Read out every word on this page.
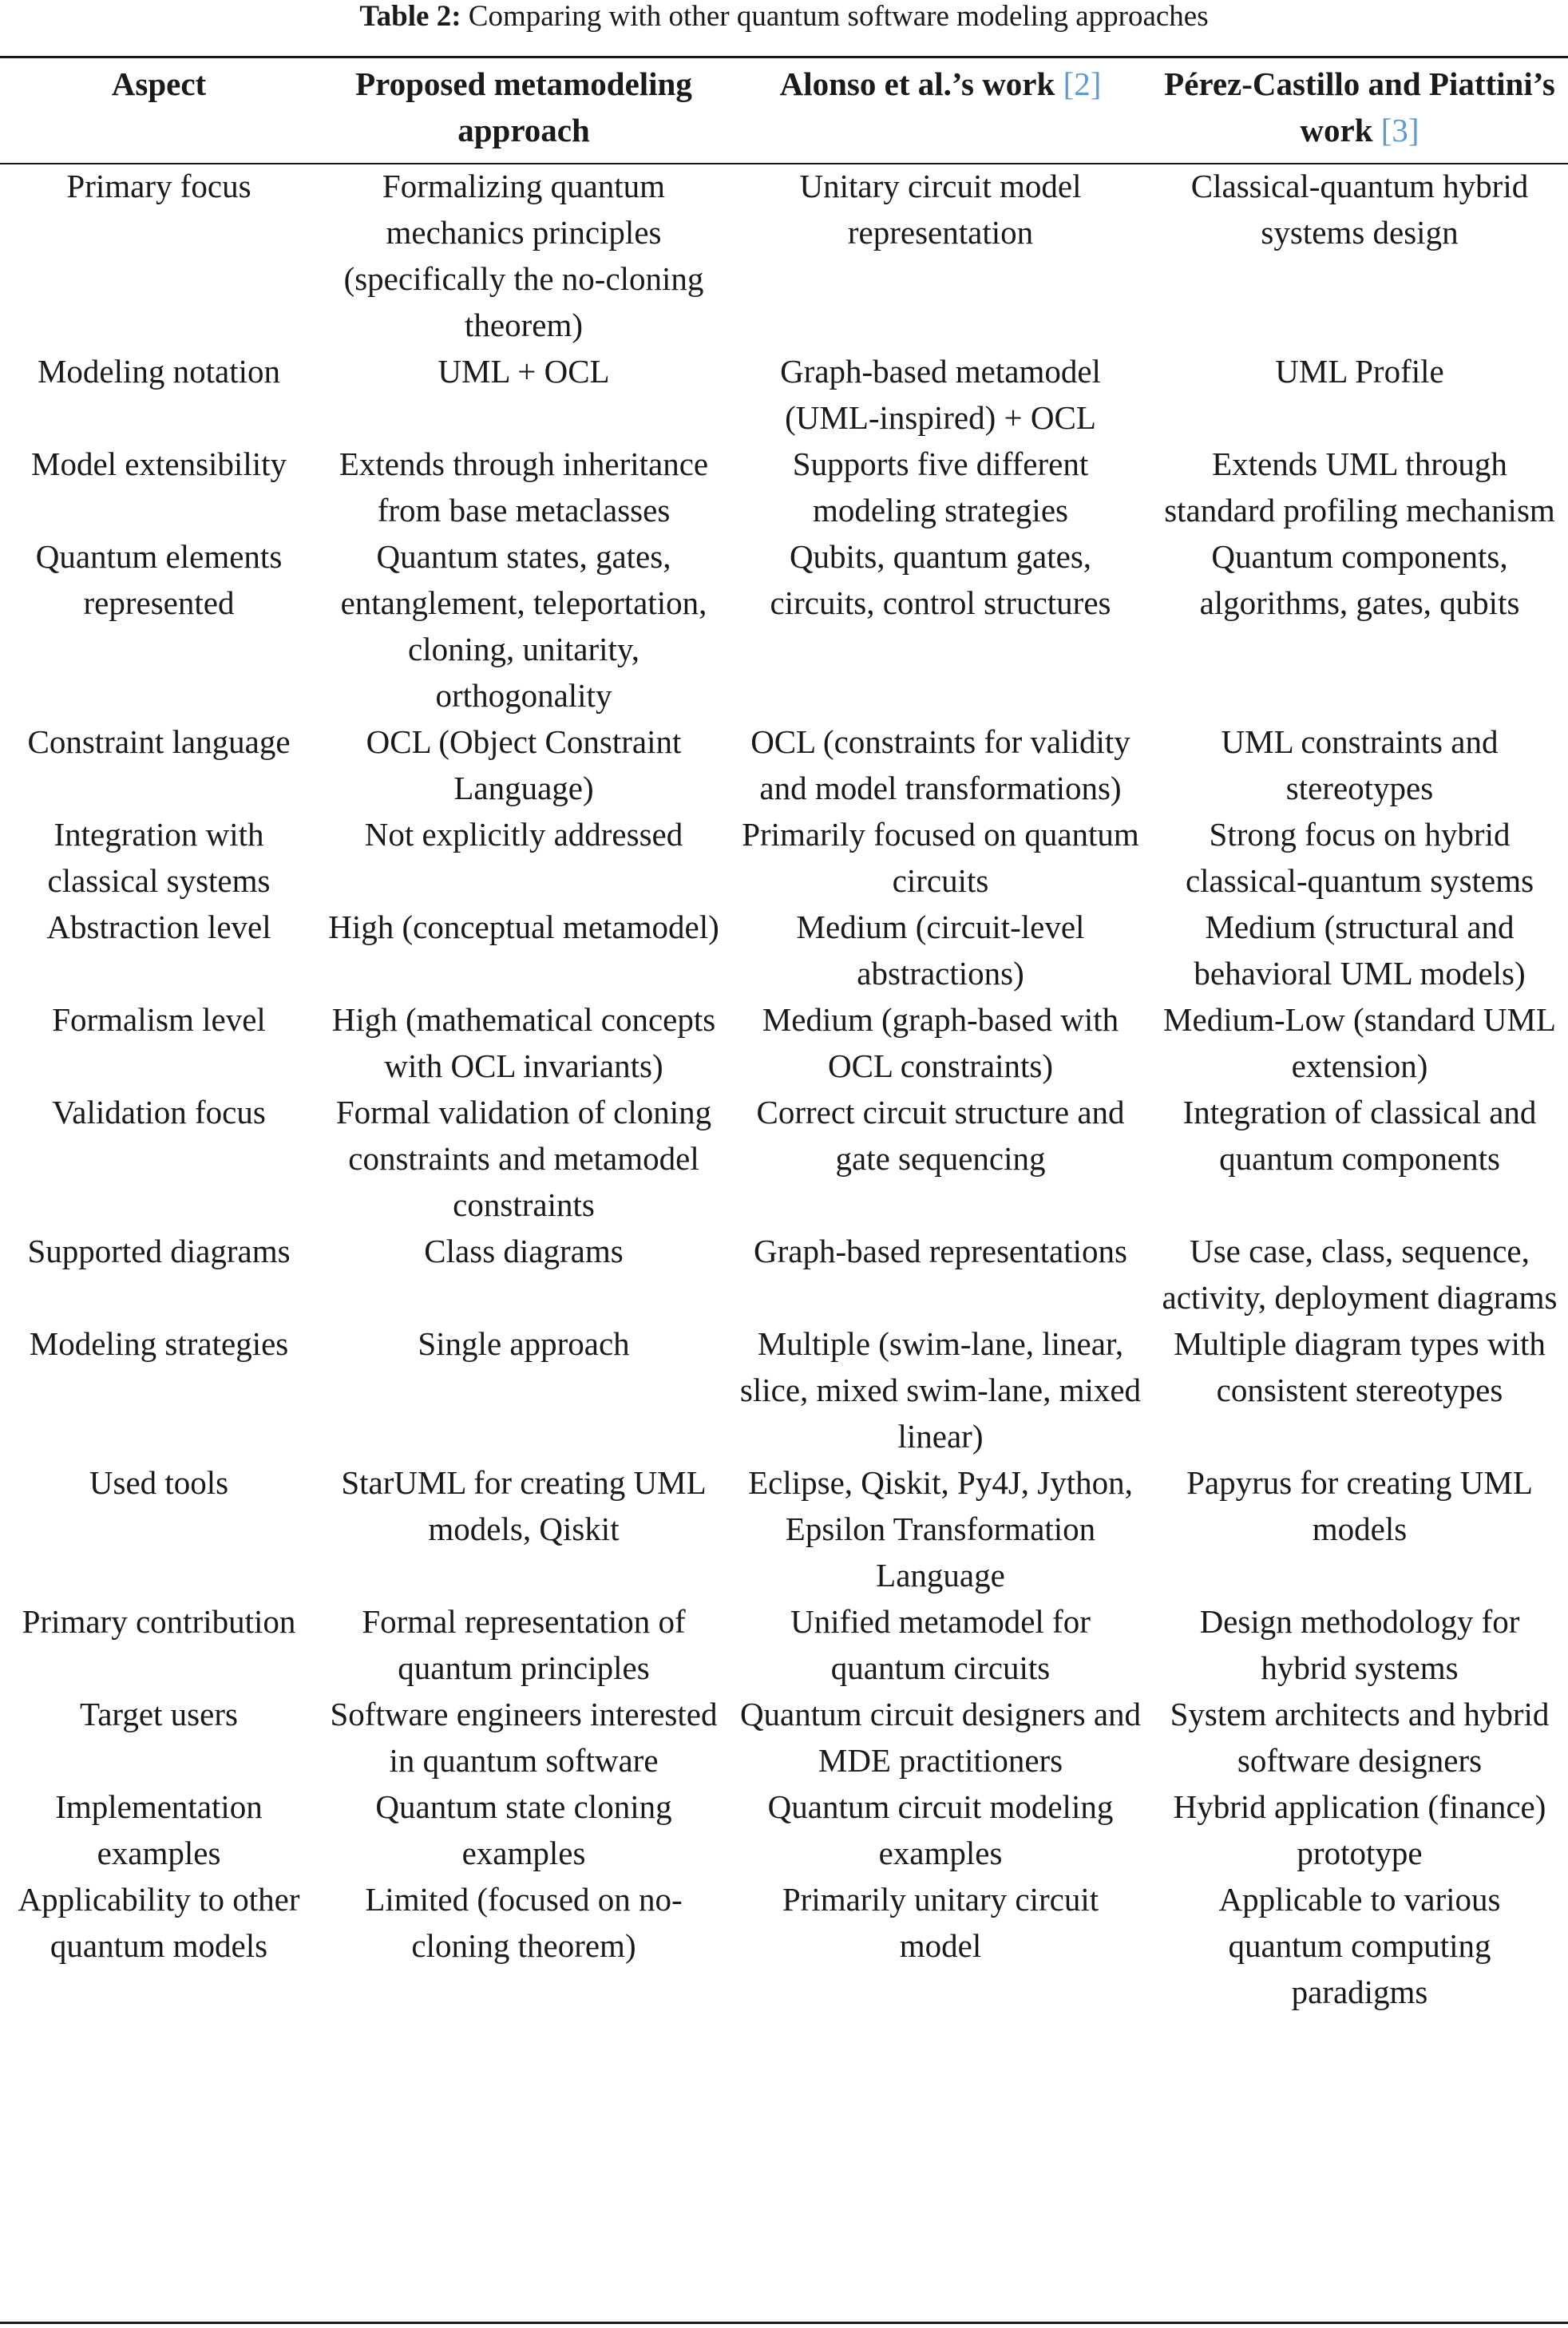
Table 2: Comparing with other quantum software modeling approaches
Aspect	Proposed metamodeling approach	Alonso et al.’s work [2]	Pérez-Castillo and Piattini’s work [3]
Primary focus	Formalizing quantum mechanics principles (specifically the no-cloning theorem)	Unitary circuit model representation	Classical-quantum hybrid systems design
Modeling notation	UML + OCL	Graph-based metamodel (UML-inspired) + OCL	UML Profile
Model extensibility	Extends through inheritance from base metaclasses	Supports five different modeling strategies	Extends UML through standard profiling mechanism
Quantum elements represented	Quantum states, gates, entanglement, teleportation, cloning, unitarity, orthogonality	Qubits, quantum gates, circuits, control structures	Quantum components, algorithms, gates, qubits
Constraint language	OCL (Object Constraint Language)	OCL (constraints for validity and model transformations)	UML constraints and stereotypes
Integration with classical systems	Not explicitly addressed	Primarily focused on quantum circuits	Strong focus on hybrid classical-quantum systems
Abstraction level	High (conceptual metamodel)	Medium (circuit-level abstractions)	Medium (structural and behavioral UML models)
Formalism level	High (mathematical concepts with OCL invariants)	Medium (graph-based with OCL constraints)	Medium-Low (standard UML extension)
Validation focus	Formal validation of cloning constraints and metamodel constraints	Correct circuit structure and gate sequencing	Integration of classical and quantum components
Supported diagrams	Class diagrams	Graph-based representations	Use case, class, sequence, activity, deployment diagrams
Modeling strategies	Single approach	Multiple (swim-lane, linear, slice, mixed swim-lane, mixed linear)	Multiple diagram types with consistent stereotypes
Used tools	StarUML for creating UML models, Qiskit	Eclipse, Qiskit, Py4J, Jython, Epsilon Transformation Language	Papyrus for creating UML models
Primary contribution	Formal representation of quantum principles	Unified metamodel for quantum circuits	Design methodology for hybrid systems
Target users	Software engineers interested in quantum software	Quantum circuit designers and MDE practitioners	System architects and hybrid software designers
Implementation examples	Quantum state cloning examples	Quantum circuit modeling examples	Hybrid application (finance) prototype
Applicability to other quantum models	Limited (focused on no-cloning theorem)	Primarily unitary circuit model	Applicable to various quantum computing paradigms
